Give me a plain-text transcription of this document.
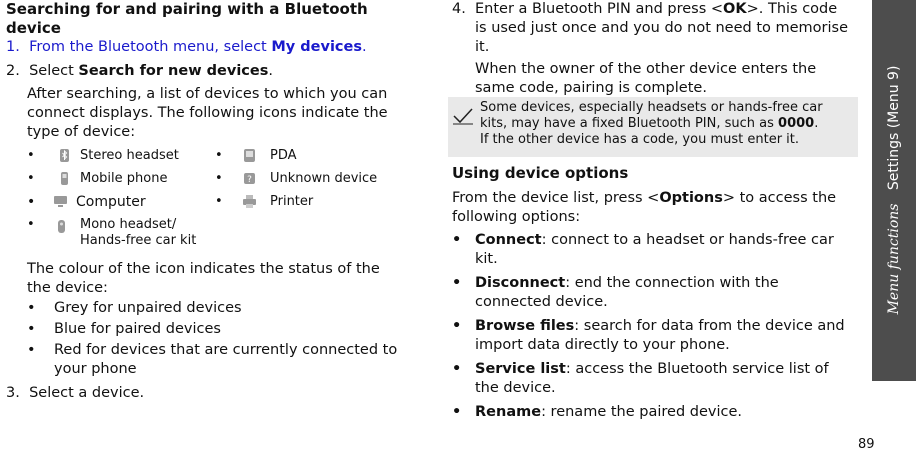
Searching for and pairing with a Bluetooth device
1. From the Bluetooth menu, select My devices.
2. Select Search for new devices.
After searching, a list of devices to which you can
connect displays. The following icons indicate the
type of device:
•	Stereo headset	•	PDA
•	Mobile phone	•	? Unknown device
•	Computer	•	Printer
•	Mono headset/
Hands-free car kit
The colour of the icon indicates the status of the
the device:
• Grey for unpaired devices
• Blue for paired devices
• Red for devices that are currently connected to
your phone
3. Select a device.
4. Enter a Bluetooth PIN and press <OK>. This code
is used just once and you do not need to memorise
it.
When the owner of the other device enters the
same code, pairing is complete.
Some devices, especially headsets or hands-free car
kits, may have a fixed Bluetooth PIN, such as 0000.
If the other device has a code, you must enter it.
Using device options
From the device list, press <Options> to access the
following options:
• Connect: connect to a headset or hands-free car
kit.
• Disconnect: end the connection with the
connected device.
• Browse files: search for data from the device and
import data directly to your phone.
• Service list: access the Bluetooth service list of
the device.
• Rename: rename the paired device.
Menu functions   Settings (Menu 9)
89
